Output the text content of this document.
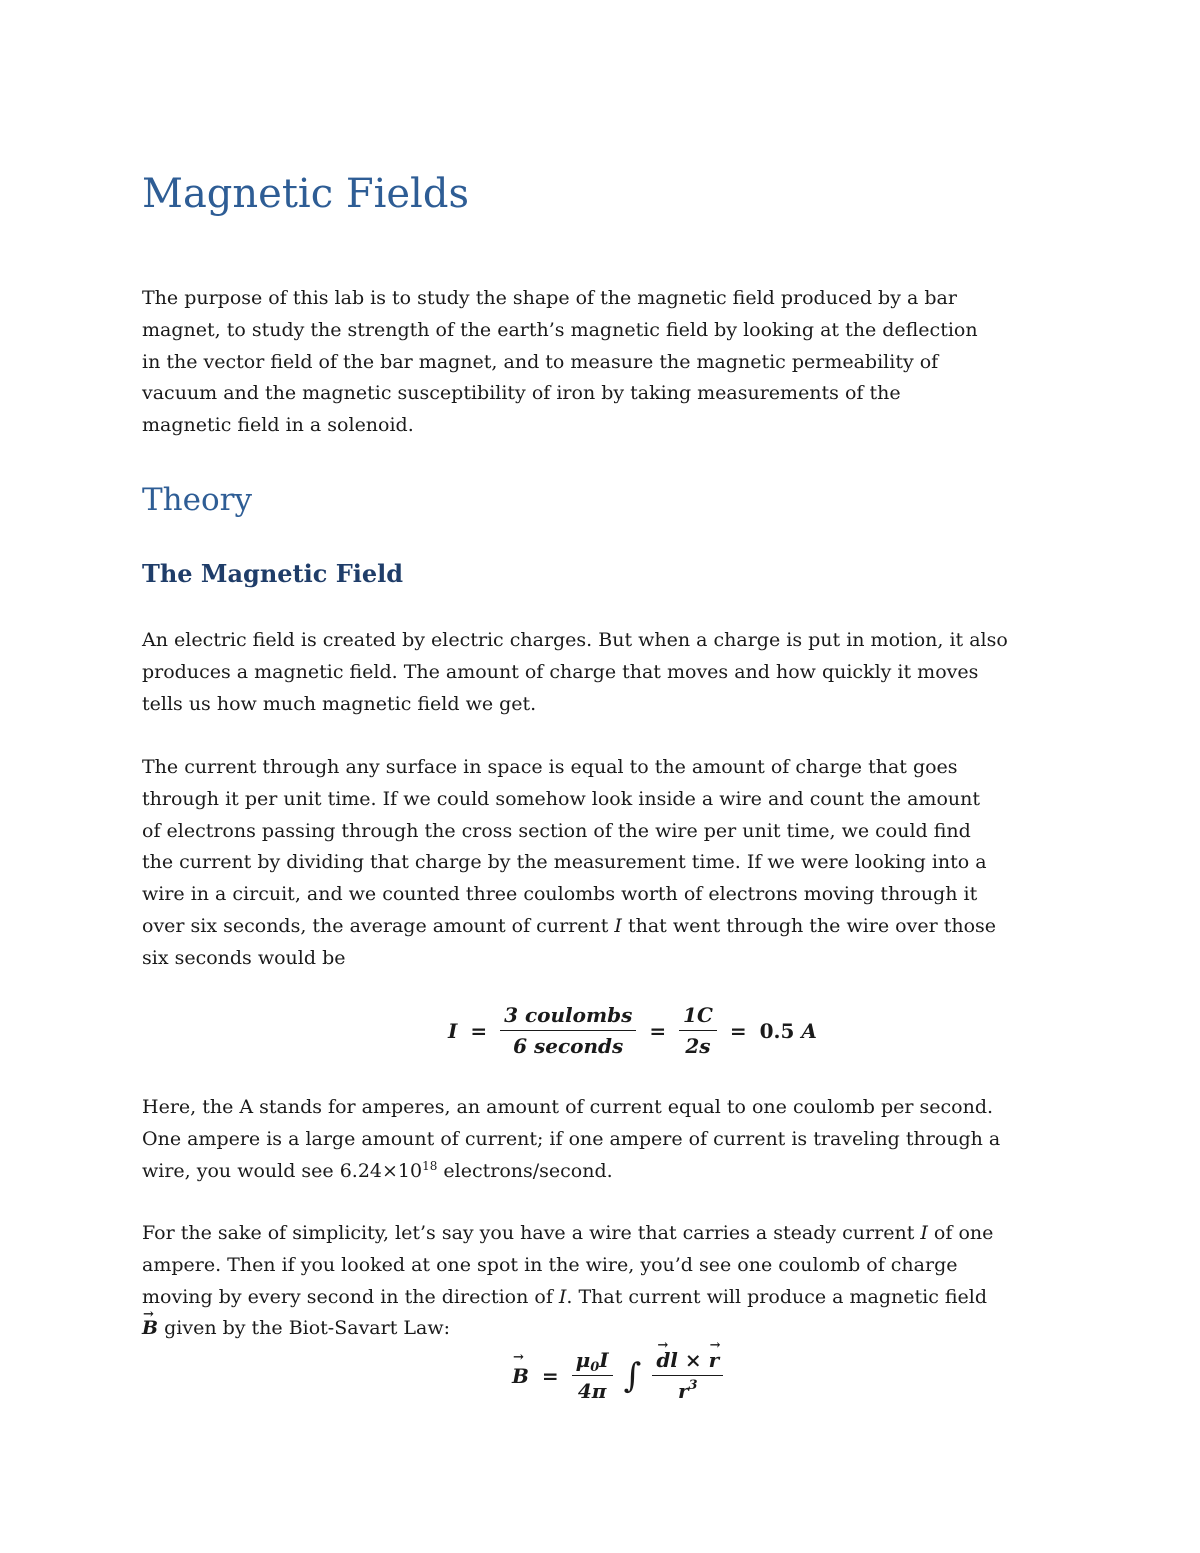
Magnetic Fields

The purpose of this lab is to study the shape of the magnetic field produced by a bar
magnet, to study the strength of the earth’s magnetic field by looking at the deflection
in the vector field of the bar magnet, and to measure the magnetic permeability of
vacuum and the magnetic susceptibility of iron by taking measurements of the
magnetic field in a solenoid.

Theory
The Magnetic Field

An electric field is created by electric charges. But when a charge is put in motion, it also
produces a magnetic field. The amount of charge that moves and how quickly it moves
tells us how much magnetic field we get.

The current through any surface in space is equal to the amount of charge that goes
through it per unit time. If we could somehow look inside a wire and count the amount
of electrons passing through the cross section of the wire per unit time, we could find
the current by dividing that charge by the measurement time. If we were looking into a
wire in a circuit, and we counted three coulombs worth of electrons moving through it
over six seconds, the average amount of current I that went through the wire over those
six seconds would be

$I = \frac{\text{3 coulombs}}{\text{6 seconds}} = \frac{1C}{2s} = 0.5$ A

Here, the A stands for amperes, an amount of current equal to one coulomb per second.
One ampere is a large amount of current; if one ampere of current is traveling through a
wire, you would see $6.24\times 10^{18}$ electrons/second.

For the sake of simplicity, let’s say you have a wire that carries a steady current I of one
ampere. Then if you looked at one spot in the wire, you’d see one coulomb of charge
moving by every second in the direction of I. That current will produce a magnetic field
→ B given by the Biot-Savart Law:

→ $B = \frac{\mu_0I}{4\pi}$ ∫ → $\frac{dl \times \to r}{r^3}$
